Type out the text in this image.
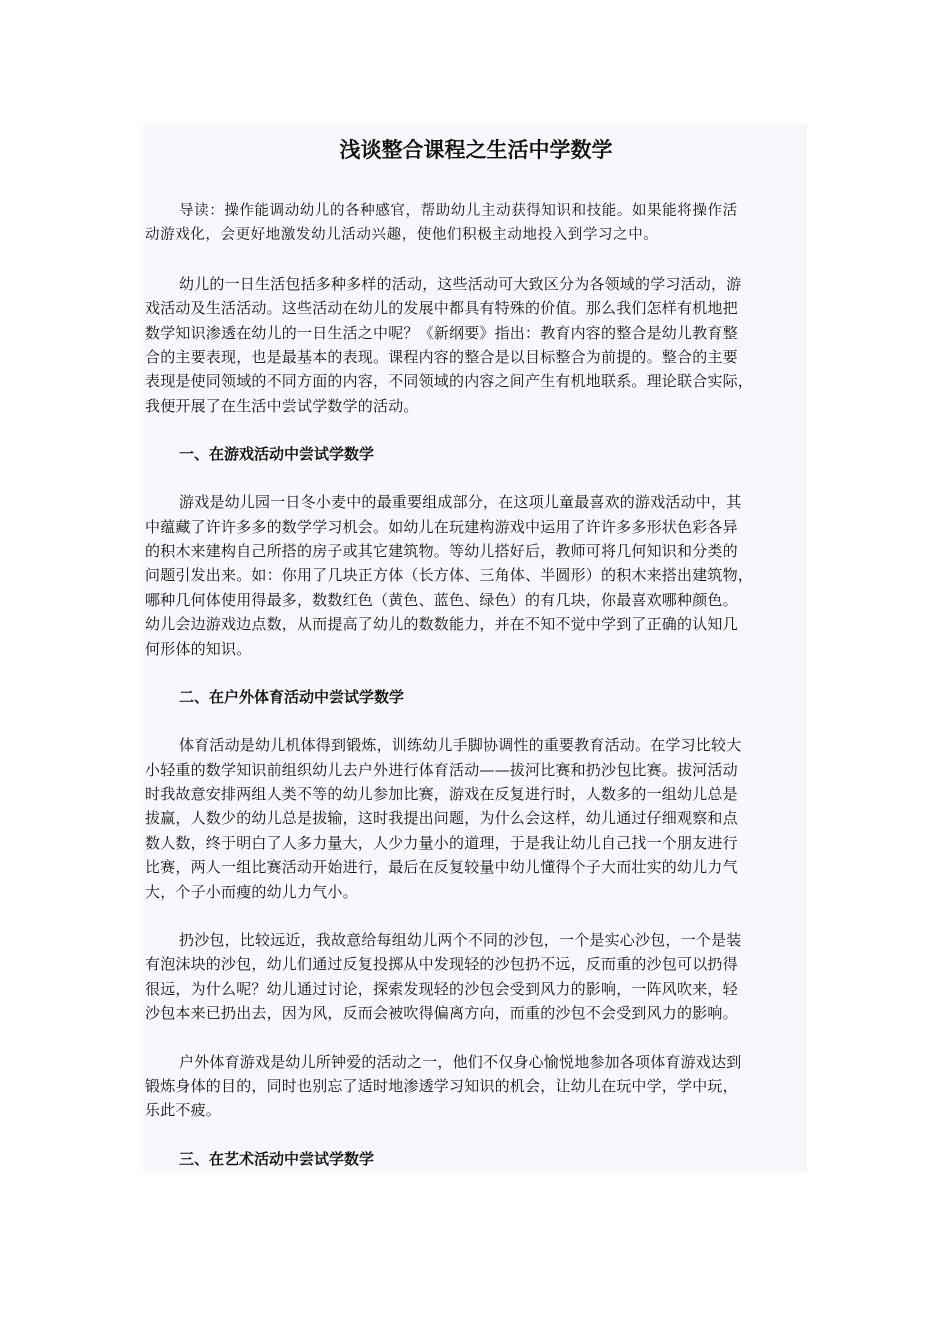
浅谈整合课程之生活中学数学
导读：操作能调动幼儿的各种感官，帮助幼儿主动获得知识和技能。如果能将操作活
动游戏化，会更好地激发幼儿活动兴趣，使他们积极主动地投入到学习之中。
幼儿的一日生活包括多种多样的活动，这些活动可大致区分为各领域的学习活动，游
戏活动及生活活动。这些活动在幼儿的发展中都具有特殊的价值。那么我们怎样有机地把
数学知识渗透在幼儿的一日生活之中呢？《新纲要》指出：教育内容的整合是幼儿教育整
合的主要表现，也是最基本的表现。课程内容的整合是以目标整合为前提的。整合的主要
表现是使同领域的不同方面的内容，不同领域的内容之间产生有机地联系。理论联合实际，
我便开展了在生活中尝试学数学的活动。
一、在游戏活动中尝试学数学
游戏是幼儿园一日冬小麦中的最重要组成部分，在这项儿童最喜欢的游戏活动中，其
中蕴藏了许许多多的数学学习机会。如幼儿在玩建构游戏中运用了许许多多形状色彩各异
的积木来建构自己所搭的房子或其它建筑物。等幼儿搭好后，教师可将几何知识和分类的
问题引发出来。如：你用了几块正方体（长方体、三角体、半圆形）的积木来搭出建筑物，
哪种几何体使用得最多，数数红色（黄色、蓝色、绿色）的有几块，你最喜欢哪种颜色。
幼儿会边游戏边点数，从而提高了幼儿的数数能力，并在不知不觉中学到了正确的认知几
何形体的知识。
二、在户外体育活动中尝试学数学
体育活动是幼儿机体得到锻炼，训练幼儿手脚协调性的重要教育活动。在学习比较大
小轻重的数学知识前组织幼儿去户外进行体育活动——拔河比赛和扔沙包比赛。拔河活动
时我故意安排两组人类不等的幼儿参加比赛，游戏在反复进行时，人数多的一组幼儿总是
拔赢，人数少的幼儿总是拔输，这时我提出问题，为什么会这样，幼儿通过仔细观察和点
数人数，终于明白了人多力量大，人少力量小的道理，于是我让幼儿自己找一个朋友进行
比赛，两人一组比赛活动开始进行，最后在反复较量中幼儿懂得个子大而壮实的幼儿力气
大，个子小而瘦的幼儿力气小。
扔沙包，比较远近，我故意给每组幼儿两个不同的沙包，一个是实心沙包，一个是装
有泡沫块的沙包，幼儿们通过反复投掷从中发现轻的沙包扔不远，反而重的沙包可以扔得
很远，为什么呢？幼儿通过讨论，探索发现轻的沙包会受到风力的影响，一阵风吹来，轻
沙包本来已扔出去，因为风，反而会被吹得偏离方向，而重的沙包不会受到风力的影响。
户外体育游戏是幼儿所钟爱的活动之一，他们不仅身心愉悦地参加各项体育游戏达到
锻炼身体的目的，同时也别忘了适时地渗透学习知识的机会，让幼儿在玩中学，学中玩，
乐此不疲。
三、在艺术活动中尝试学数学
